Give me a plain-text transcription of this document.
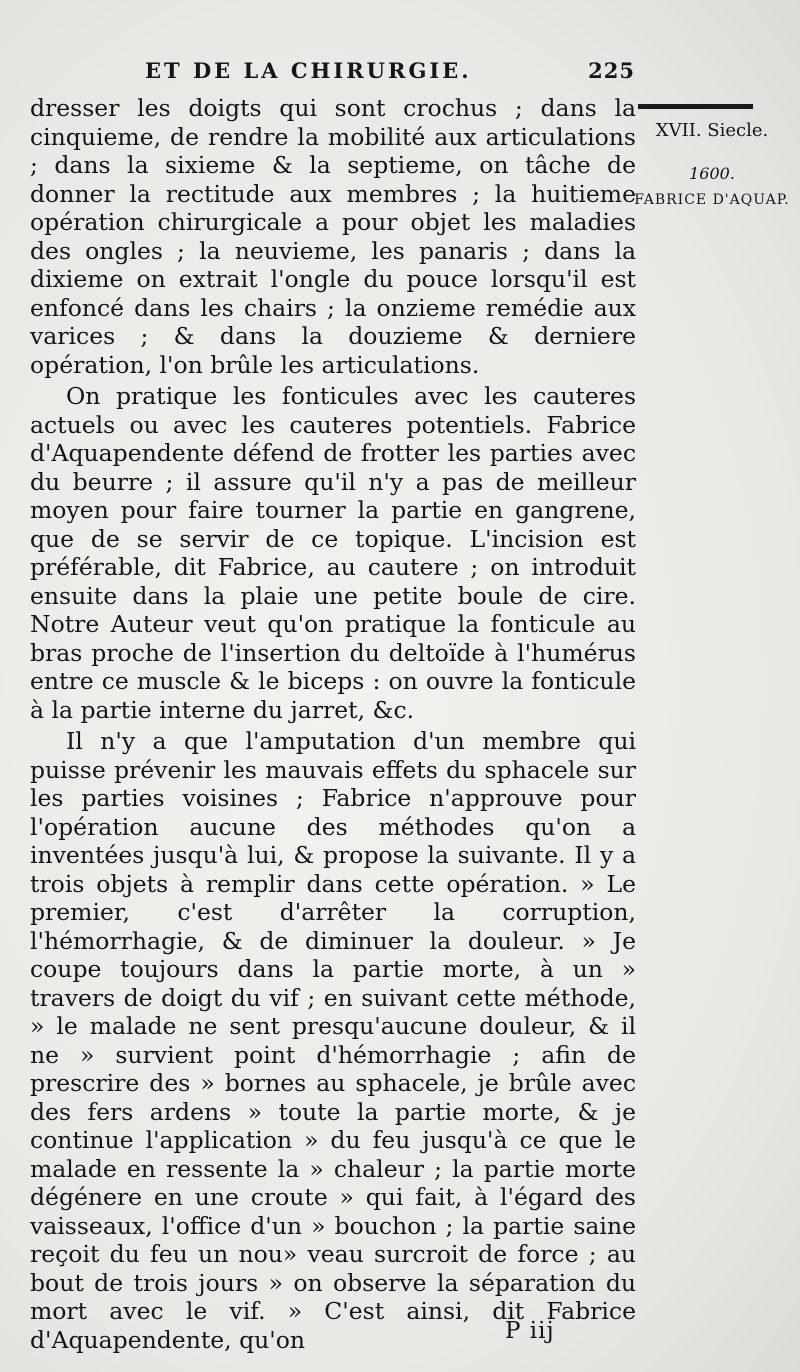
ET DE LA CHIRURGIE.	225
XVII. Siecle.
1600.
FABRICE D'AQUAP.

dresser les doigts qui sont crochus ; dans la cinquieme, de rendre la mobilité aux articulations ; dans la sixieme & la septieme, on tâche de donner la rectitude aux membres ; la huitieme opération chirurgicale a pour objet les maladies des ongles ; la neuvieme, les panaris ; dans la dixieme on extrait l'ongle du pouce lorsqu'il est enfoncé dans les chairs ; la onzieme remédie aux varices ; & dans la douzieme & derniere opération, l'on brûle les articulations.

On pratique les fonticules avec les cauteres actuels ou avec les cauteres potentiels. Fabrice d'Aquapendente défend de frotter les parties avec du beurre ; il assure qu'il n'y a pas de meilleur moyen pour faire tourner la partie en gangrene, que de se servir de ce topique. L'incision est préférable, dit Fabrice, au cautere ; on introduit ensuite dans la plaie une petite boule de cire. Notre Auteur veut qu'on pratique la fonticule au bras proche de l'insertion du deltoïde à l'humérus entre ce muscle & le biceps : on ouvre la fonticule à la partie interne du jarret, &c.

Il n'y a que l'amputation d'un membre qui puisse prévenir les mauvais effets du sphacele sur les parties voisines ; Fabrice n'approuve pour l'opération aucune des méthodes qu'on a inventées jusqu'à lui, & propose la suivante. Il y a trois objets à remplir dans cette opération. » Le premier, c'est d'arrêter la corruption, l'hémorrhagie, & de diminuer la douleur. » Je coupe toujours dans la partie morte, à un » travers de doigt du vif ; en suivant cette méthode, » le malade ne sent presqu'aucune douleur, & il ne » survient point d'hémorrhagie ; afin de prescrire des » bornes au sphacele, je brûle avec des fers ardens » toute la partie morte, & je continue l'application » du feu jusqu'à ce que le malade en ressente la » chaleur ; la partie morte dégénere en une croute » qui fait, à l'égard des vaisseaux, l'office d'un » bouchon ; la partie saine reçoit du feu un nou» veau surcroit de force ; au bout de trois jours » on observe la séparation du mort avec le vif. » C'est ainsi, dit Fabrice d'Aquapendente, qu'on	P iij
